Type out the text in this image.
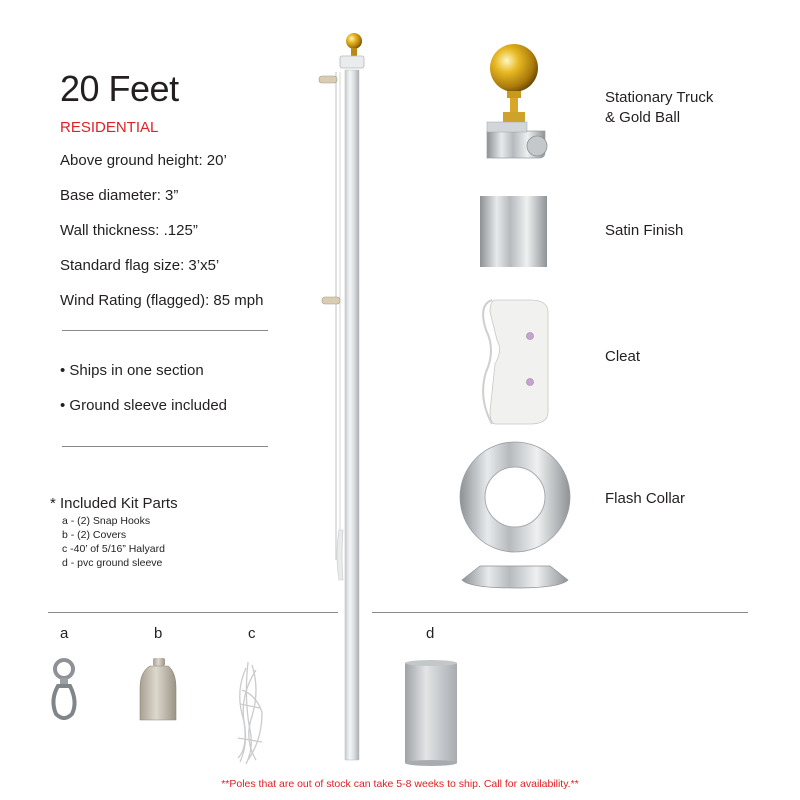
20 Feet
RESIDENTIAL
Above ground height: 20’
Base diameter: 3”
Wall thickness: .125”
Standard flag size: 3’x5’
Wind Rating (flagged): 85 mph
• Ships in one section
• Ground sleeve included
* Included Kit Parts
a - (2) Snap Hooks
b - (2) Covers
c -40’ of 5/16” Halyard
d - pvc ground sleeve
Stationary Truck
& Gold Ball
Satin Finish
Cleat
Flash Collar
a	b	c	d
**Poles that are out of stock can take 5-8 weeks to ship. Call for availability.**
